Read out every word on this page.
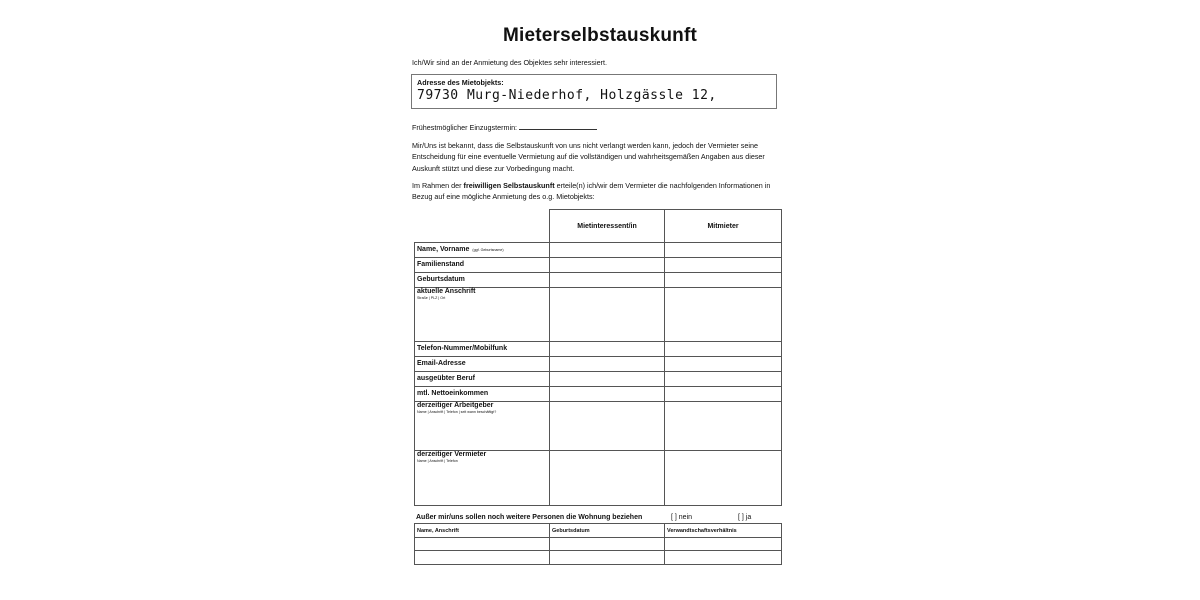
Mieterselbstauskunft
Ich/Wir sind an der Anmietung des Objektes sehr interessiert.
Adresse des Mietobjekts:
79730 Murg-Niederhof, Holzgässle 12,
Frühestmöglicher Einzugstermin:
Mir/Uns ist bekannt, dass die Selbstauskunft von uns nicht verlangt werden kann, jedoch der Vermieter seine Entscheidung für eine eventuelle Vermietung auf die vollständigen und wahrheitsgemäßen Angaben aus dieser Auskunft stützt und diese zur Vorbedingung macht.
Im Rahmen der freiwilligen Selbstauskunft erteile(n) ich/wir dem Vermieter die nachfolgenden Informationen in Bezug auf eine mögliche Anmietung des o.g. Mietobjekts:
	Mietinteressent/in	Mitmieter
Name, Vorname (ggf. Geburtsname)		
Familienstand		
Geburtsdatum		
aktuelle Anschrift
Straße | PLZ | Ort		

Telefon-Nummer/Mobilfunk		
Email-Adresse		
ausgeübter Beruf		
mtl. Nettoeinkommen		
derzeitiger Arbeitgeber
Name | Anschrift | Telefon | seit wann beschäftigt?		

derzeitiger Vermieter
Name | Anschrift | Telefon		

Außer mir/uns sollen noch weitere Personen die Wohnung beziehen	[ ] nein	[ ] ja
Name, Anschrift	Geburtsdatum	Verwandtschaftsverhältnis
